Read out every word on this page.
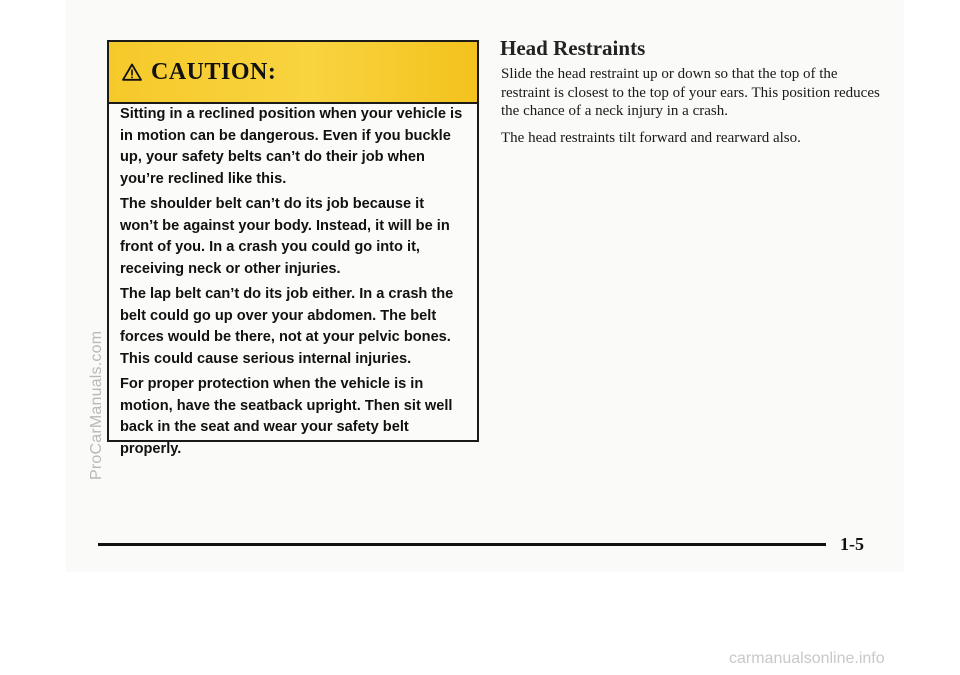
ProCarManuals.com
CAUTION:

Sitting in a reclined position when your vehicle is in motion can be dangerous. Even if you buckle up, your safety belts can’t do their job when you’re reclined like this.

The shoulder belt can’t do its job because it won’t be against your body. Instead, it will be in front of you. In a crash you could go into it, receiving neck or other injuries.

The lap belt can’t do its job either. In a crash the belt could go up over your abdomen. The belt forces would be there, not at your pelvic bones. This could cause serious internal injuries.

For proper protection when the vehicle is in motion, have the seatback upright. Then sit well back in the seat and wear your safety belt properly.

Head Restraints

Slide the head restraint up or down so that the top of the restraint is closest to the top of your ears. This position reduces the chance of a neck injury in a crash.

The head restraints tilt forward and rearward also.

1-5
carmanualsonline.info
